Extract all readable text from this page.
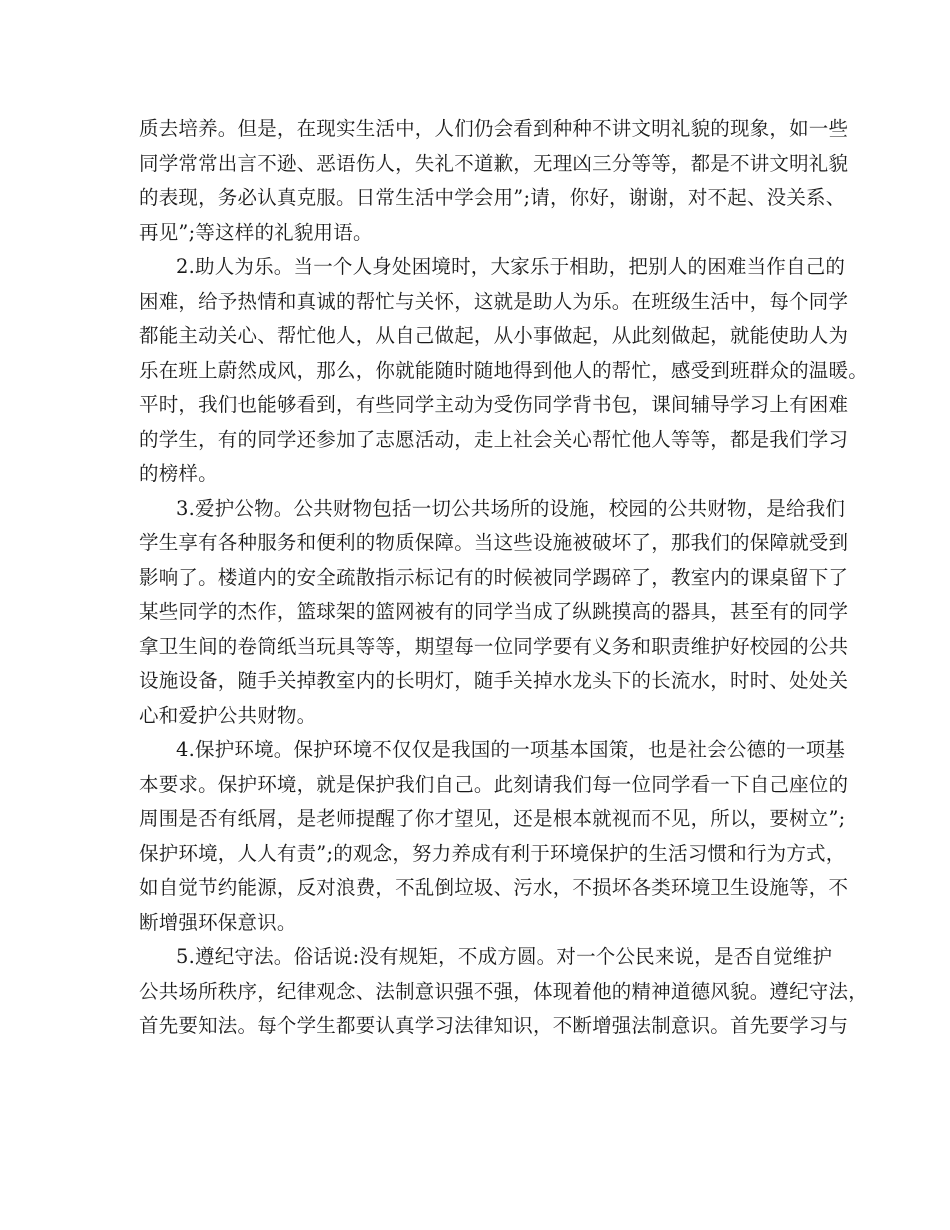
质去培养。但是，在现实生活中，人们仍会看到种种不讲文明礼貌的现象，如一些
同学常常出言不逊、恶语伤人，失礼不道歉，无理凶三分等等，都是不讲文明礼貌
的表现，务必认真克服。日常生活中学会用”;请，你好，谢谢，对不起、没关系、
再见”;等这样的礼貌用语。
2.助人为乐。当一个人身处困境时，大家乐于相助，把别人的困难当作自己的
困难，给予热情和真诚的帮忙与关怀，这就是助人为乐。在班级生活中，每个同学
都能主动关心、帮忙他人，从自己做起，从小事做起，从此刻做起，就能使助人为
乐在班上蔚然成风，那么，你就能随时随地得到他人的帮忙，感受到班群众的温暖。
平时，我们也能够看到，有些同学主动为受伤同学背书包，课间辅导学习上有困难
的学生，有的同学还参加了志愿活动，走上社会关心帮忙他人等等，都是我们学习
的榜样。
3.爱护公物。公共财物包括一切公共场所的设施，校园的公共财物，是给我们
学生享有各种服务和便利的物质保障。当这些设施被破坏了，那我们的保障就受到
影响了。楼道内的安全疏散指示标记有的时候被同学踢碎了，教室内的课桌留下了
某些同学的杰作，篮球架的篮网被有的同学当成了纵跳摸高的器具，甚至有的同学
拿卫生间的卷筒纸当玩具等等，期望每一位同学要有义务和职责维护好校园的公共
设施设备，随手关掉教室内的长明灯，随手关掉水龙头下的长流水，时时、处处关
心和爱护公共财物。
4.保护环境。保护环境不仅仅是我国的一项基本国策，也是社会公德的一项基
本要求。保护环境，就是保护我们自己。此刻请我们每一位同学看一下自己座位的
周围是否有纸屑，是老师提醒了你才望见，还是根本就视而不见，所以，要树立”;
保护环境，人人有责”;的观念，努力养成有利于环境保护的生活习惯和行为方式，
如自觉节约能源，反对浪费，不乱倒垃圾、污水，不损坏各类环境卫生设施等，不
断增强环保意识。
5.遵纪守法。俗话说:没有规矩，不成方圆。对一个公民来说，是否自觉维护
公共场所秩序，纪律观念、法制意识强不强，体现着他的精神道德风貌。遵纪守法，
首先要知法。每个学生都要认真学习法律知识，不断增强法制意识。首先要学习与
